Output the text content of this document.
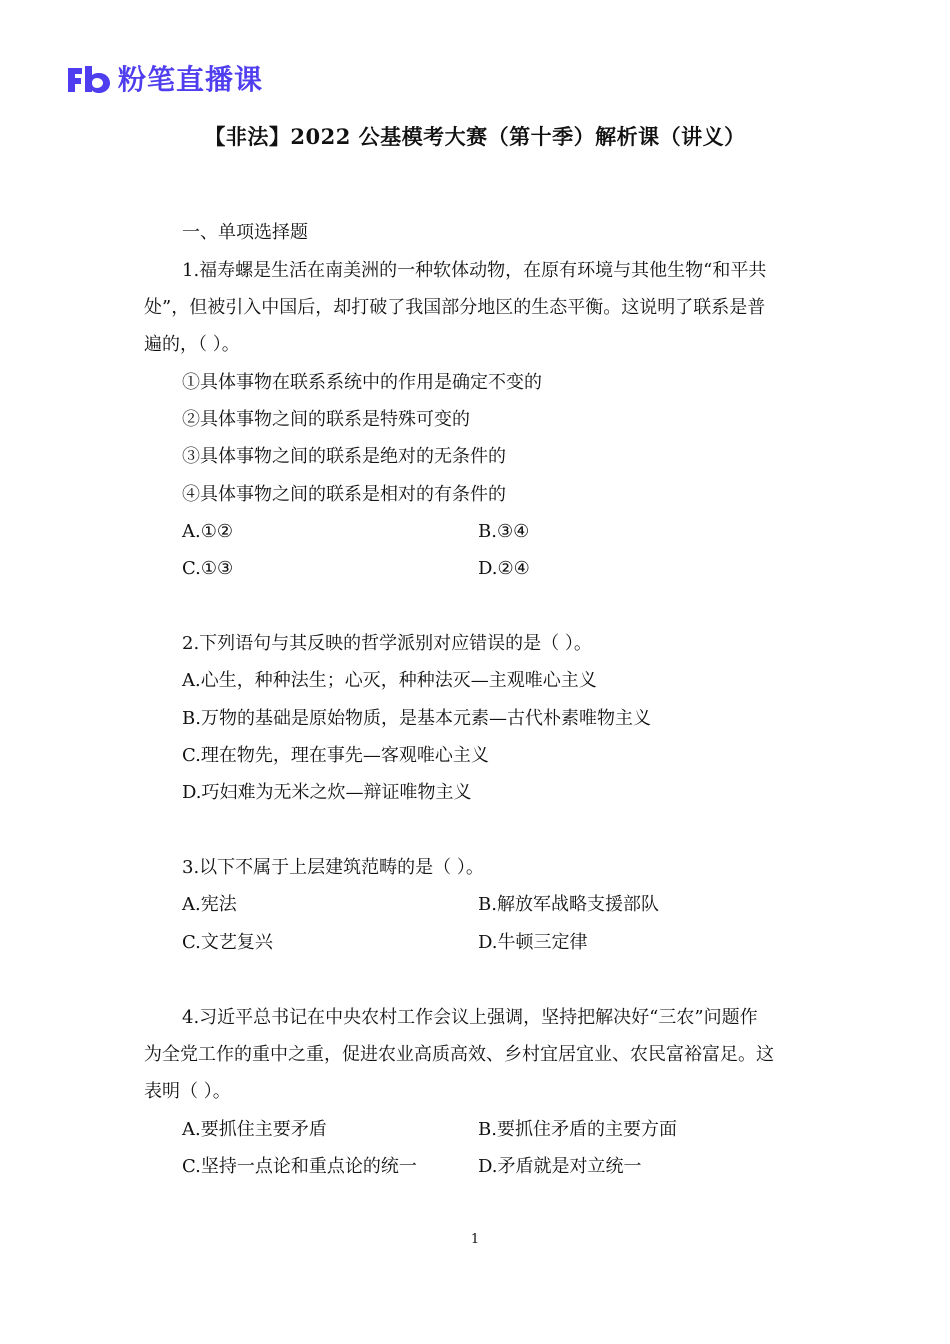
粉笔直播课
【非法】2022 公基模考大赛（第十季）解析课（讲义）
一、单项选择题
1.福寿螺是生活在南美洲的一种软体动物，在原有环境与其他生物“和平共
处”，但被引入中国后，却打破了我国部分地区的生态平衡。这说明了联系是普
遍的，（ ）。
①具体事物在联系系统中的作用是确定不变的
②具体事物之间的联系是特殊可变的
③具体事物之间的联系是绝对的无条件的
④具体事物之间的联系是相对的有条件的
A.①②	B.③④
C.①③	D.②④
2.下列语句与其反映的哲学派别对应错误的是（ ）。
A.心生，种种法生；心灭，种种法灭—主观唯心主义
B.万物的基础是原始物质，是基本元素—古代朴素唯物主义
C.理在物先，理在事先—客观唯心主义
D.巧妇难为无米之炊—辩证唯物主义
3.以下不属于上层建筑范畴的是（ ）。
A.宪法	B.解放军战略支援部队
C.文艺复兴	D.牛顿三定律
4.习近平总书记在中央农村工作会议上强调，坚持把解决好“三农”问题作
为全党工作的重中之重，促进农业高质高效、乡村宜居宜业、农民富裕富足。这
表明（ ）。
A.要抓住主要矛盾	B.要抓住矛盾的主要方面
C.坚持一点论和重点论的统一	D.矛盾就是对立统一
1
